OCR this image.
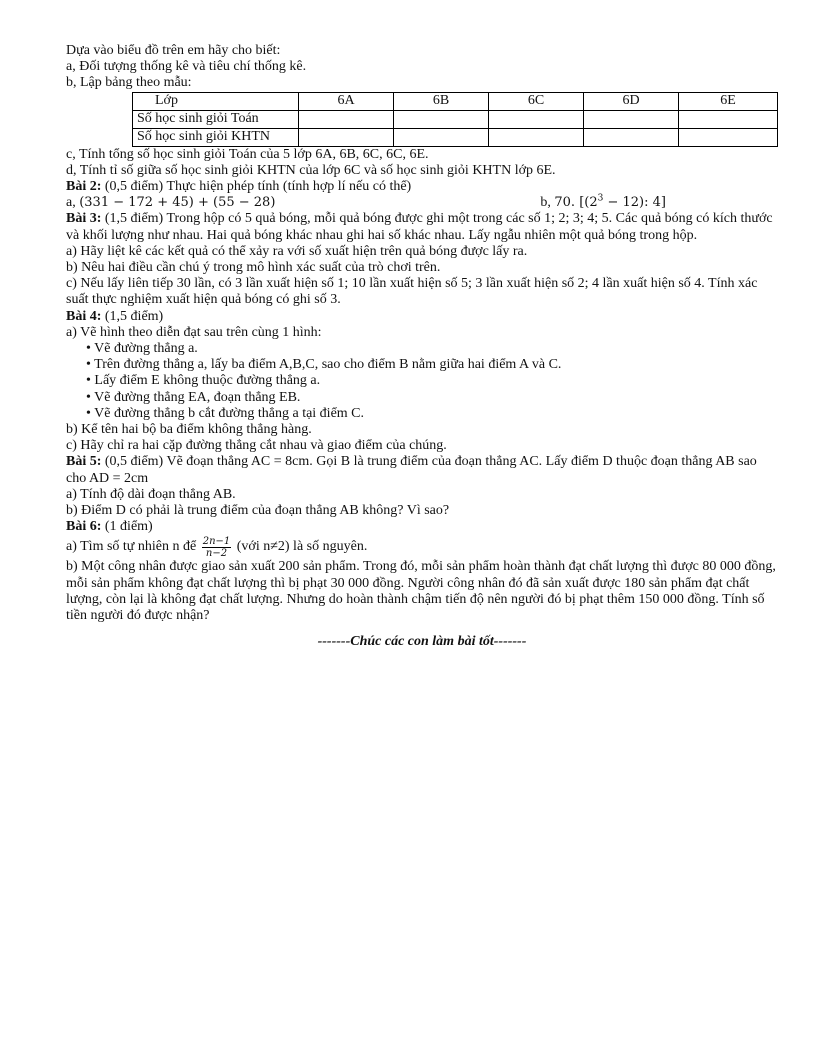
Dựa vào biểu đồ trên em hãy cho biết:
a, Đối tượng thống kê và tiêu chí thống kê.
b, Lập bảng theo mẫu:
Lớp	6A	6B	6C	6D	6E
Số học sinh giỏi Toán					
Số học sinh giỏi KHTN					
c, Tính tổng số học sinh giỏi Toán của 5 lớp 6A, 6B, 6C, 6C, 6E.
d, Tính tỉ số giữa số học sinh giỏi KHTN của lớp 6C và số học sinh giỏi KHTN lớp 6E.
Bài 2: (0,5 điểm) Thực hiện phép tính (tính hợp lí nếu có thể)
a, (331 − 172 + 45) + (55 − 28)	b, 70. [$(2^3 - 12)$: 4]
Bài 3: (1,5 điểm) Trong hộp có 5 quả bóng, mỗi quả bóng được ghi một trong các số 1; 2; 3; 4; 5. Các quả bóng có kích thước và khối lượng như nhau. Hai quả bóng khác nhau ghi hai số khác nhau. Lấy ngẫu nhiên một quả bóng trong hộp.
a) Hãy liệt kê các kết quả có thể xảy ra với số xuất hiện trên quả bóng được lấy ra.
b) Nêu hai điều cần chú ý trong mô hình xác suất của trò chơi trên.
c) Nếu lấy liên tiếp 30 lần, có 3 lần xuất hiện số 1; 10 lần xuất hiện số 5; 3 lần xuất hiện số 2; 4 lần xuất hiện số 4. Tính xác suất thực nghiệm xuất hiện quả bóng có ghi số 3.
Bài 4: (1,5 điểm)
a) Vẽ hình theo diễn đạt sau trên cùng 1 hình:
• Vẽ đường thẳng a.
• Trên đường thẳng a, lấy ba điểm A,B,C, sao cho điểm B nằm giữa hai điểm A và C.
• Lấy điểm E không thuộc đường thẳng a.
• Vẽ đường thẳng EA, đoạn thẳng EB.
• Vẽ đường thẳng b cắt đường thẳng a tại điểm C.
b) Kể tên hai bộ ba điểm không thẳng hàng.
c) Hãy chỉ ra hai cặp đường thẳng cắt nhau và giao điểm của chúng.
Bài 5: (0,5 điểm) Vẽ đoạn thẳng AC = 8cm. Gọi B là trung điểm của đoạn thẳng AC. Lấy điểm D thuộc đoạn thẳng AB sao cho AD = 2cm
a) Tính độ dài đoạn thẳng AB.
b) Điểm D có phải là trung điểm của đoạn thẳng AB không? Vì sao?
Bài 6: (1 điểm)
a) Tìm số tự nhiên n để $\frac{2n-1}{n-2}$ (với n≠2) là số nguyên.
b) Một công nhân được giao sản xuất 200 sản phẩm. Trong đó, mỗi sản phẩm hoàn thành đạt chất lượng thì được 80 000 đồng, mỗi sản phẩm không đạt chất lượng thì bị phạt 30 000 đồng. Người công nhân đó đã sản xuất được 180 sản phẩm đạt chất lượng, còn lại là không đạt chất lượng. Nhưng do hoàn thành chậm tiến độ nên người đó bị phạt thêm 150 000 đồng. Tính số tiền người đó được nhận?
-------Chúc các con làm bài tốt-------
